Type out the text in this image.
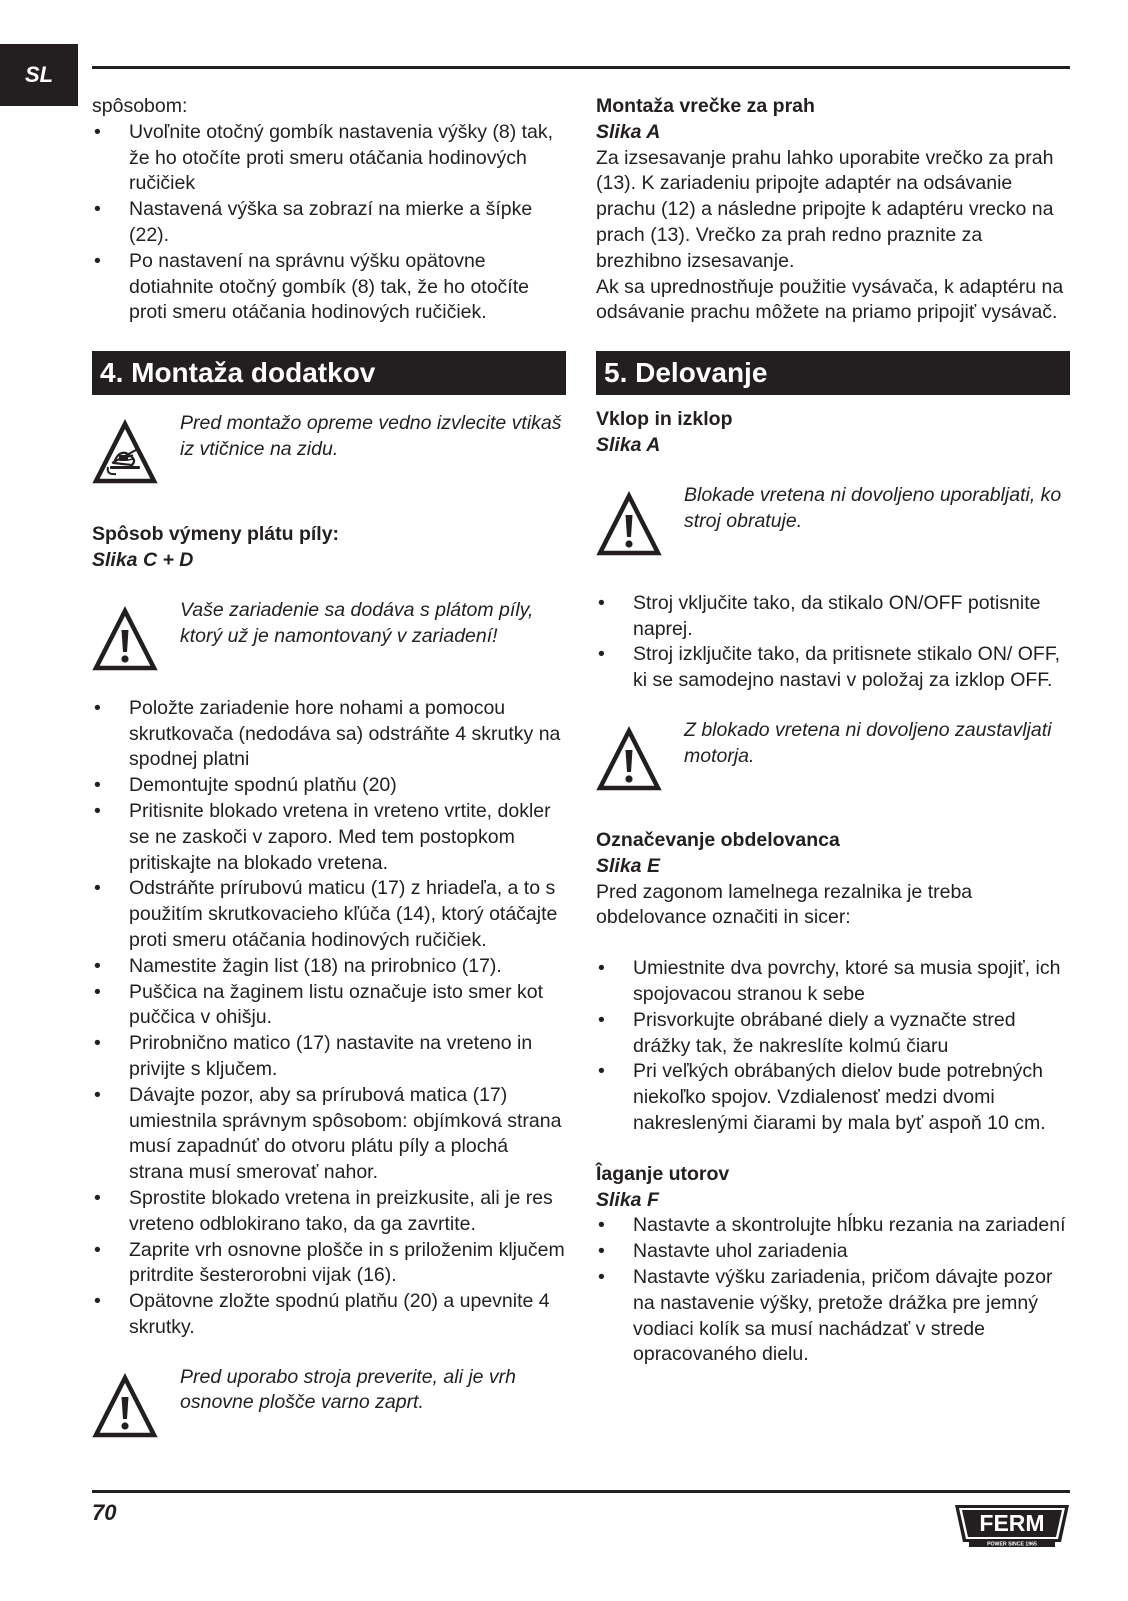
SL

spôsobom:

• Uvoľnite otočný gombík nastavenia výšky (8) tak, že ho otočíte proti smeru otáčania hodinových ručičiek
• Nastavená výška sa zobrazí na mierke a šípke (22).
• Po nastavení na správnu výšku opätovne dotiahnite otočný gombík (8) tak, že ho otočíte proti smeru otáčania hodinových ručičiek.
4. Montaža dodatkov
Pred montažo opreme vedno izvlecite vtikaš iz vtičnice na zidu.

Spôsob výmeny plátu píly:

Slika C + D

Vaše zariadenie sa dodáva s plátom píly, ktorý už je namontovaný v zariadení!
• Položte zariadenie hore nohami a pomocou skrutkovača (nedodáva sa) odstráňte 4 skrutky na spodnej platni
• Demontujte spodnú platňu (20)
• Pritisnite blokado vretena in vreteno vrtite, dokler se ne zaskoči v zaporo. Med tem postopkom pritiskajte na blokado vretena.
• Odstráňte prírubovú maticu (17) z hriadeľa, a to s použitím skrutkovacieho kľúča (14), ktorý otáčajte proti smeru otáčania hodinových ručičiek.
• Namestite žagin list (18) na prirobnico (17).
• Puščica na žaginem listu označuje isto smer kot puččica v ohišju.
• Prirobnično matico (17) nastavite na vreteno in privijte s ključem.
• Dávajte pozor, aby sa prírubová matica (17) umiestnila správnym spôsobom: objímková strana musí zapadnúť do otvoru plátu píly a plochá strana musí smerovať nahor.
• Sprostite blokado vretena in preizkusite, ali je res vreteno odblokirano tako, da ga zavrtite.
• Zaprite vrh osnovne plošče in s priloženim ključem pritrdite šesterorobni vijak (16).
• Opätovne zložte spodnú platňu (20) a upevnite 4 skrutky.
Pred uporabo stroja preverite, ali je vrh osnovne plošče varno zaprt.

Montaža vrečke za prah

Slika A

Za izsesavanje prahu lahko uporabite vrečko za prah (13). K zariadeniu pripojte adaptér na odsávanie prachu (12) a následne pripojte k adaptéru vrecko na prach (13). Vrečko za prah redno praznite za brezhibno izsesavanje.

Ak sa uprednostňuje použitie vysávača, k adaptéru na odsávanie prachu môžete na priamo pripojiť vysávač.

5. Delovanje

Vklop in izklop

Slika A

Blokade vretena ni dovoljeno uporabljati, ko stroj obratuje.
• Stroj vključite tako, da stikalo ON/OFF potisnite naprej.
• Stroj izključite tako, da pritisnete stikalo ON/ OFF, ki se samodejno nastavi v položaj za izklop OFF.
Z blokado vretena ni dovoljeno zaustavljati motorja.

Označevanje obdelovanca

Slika E

Pred zagonom lamelnega rezalnika je treba obdelovance označiti in sicer:

• Umiestnite dva povrchy, ktoré sa musia spojiť, ich spojovacou stranou k sebe
• Prisvorkujte obrábané diely a vyznačte stred drážky tak, že nakreslíte kolmú čiaru
• Pri veľkých obrábaných dielov bude potrebných niekoľko spojov. Vzdialenosť medzi dvomi nakreslenými čiarami by mala byť aspoň 10 cm.

Îaganje utorov

Slika F

• Nastavte a skontrolujte hĺbku rezania na zariadení
• Nastavte uhol zariadenia
• Nastavte výšku zariadenia, pričom dávajte pozor na nastavenie výšky, pretože drážka pre jemný vodiaci kolík sa musí nachádzať v strede opracovaného dielu.
70	FERM
POWER SINCE 1965
